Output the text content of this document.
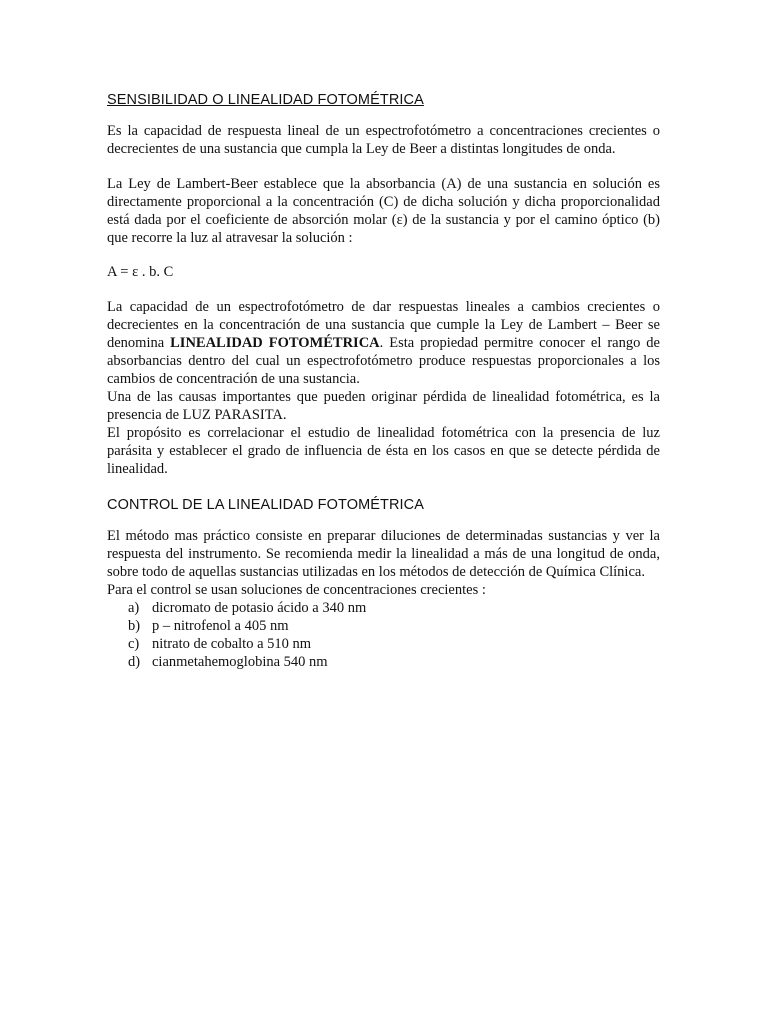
SENSIBILIDAD O LINEALIDAD FOTOMÉTRICA

Es la capacidad de respuesta lineal de un espectrofotómetro a concentraciones crecientes o decrecientes de una sustancia que cumpla la Ley de Beer a distintas longitudes de onda.

La Ley de Lambert-Beer establece que la absorbancia (A) de una sustancia en solución es directamente proporcional a la concentración (C) de dicha solución y dicha proporcionalidad está dada por el coeficiente de absorción molar (ε) de la sustancia y por el camino óptico (b) que recorre la luz al atravesar la solución :

A = ε . b. C

La capacidad de un espectrofotómetro de dar respuestas lineales a cambios crecientes o decrecientes en la concentración de una sustancia que cumple la Ley de Lambert – Beer se denomina LINEALIDAD FOTOMÉTRICA. Esta propiedad permitre conocer el rango de absorbancias dentro del cual un espectrofotómetro produce respuestas proporcionales a los cambios de concentración de una sustancia.

Una de las causas importantes que pueden originar pérdida de linealidad fotométrica, es la presencia de LUZ PARASITA.

El propósito es correlacionar el estudio de linealidad fotométrica con la presencia de luz parásita y establecer el grado de influencia de ésta en los casos en que se detecte pérdida de linealidad.

CONTROL DE LA LINEALIDAD FOTOMÉTRICA

El método mas práctico consiste en preparar diluciones de determinadas sustancias y ver la respuesta del instrumento. Se recomienda medir la linealidad a más de una longitud de onda, sobre todo de aquellas sustancias utilizadas en los métodos de detección de Química Clínica.

Para el control se usan soluciones de concentraciones crecientes :

a) dicromato de potasio ácido a 340 nm
b) p – nitrofenol a 405 nm
c) nitrato de cobalto a 510 nm
d) cianmetahemoglobina 540 nm
